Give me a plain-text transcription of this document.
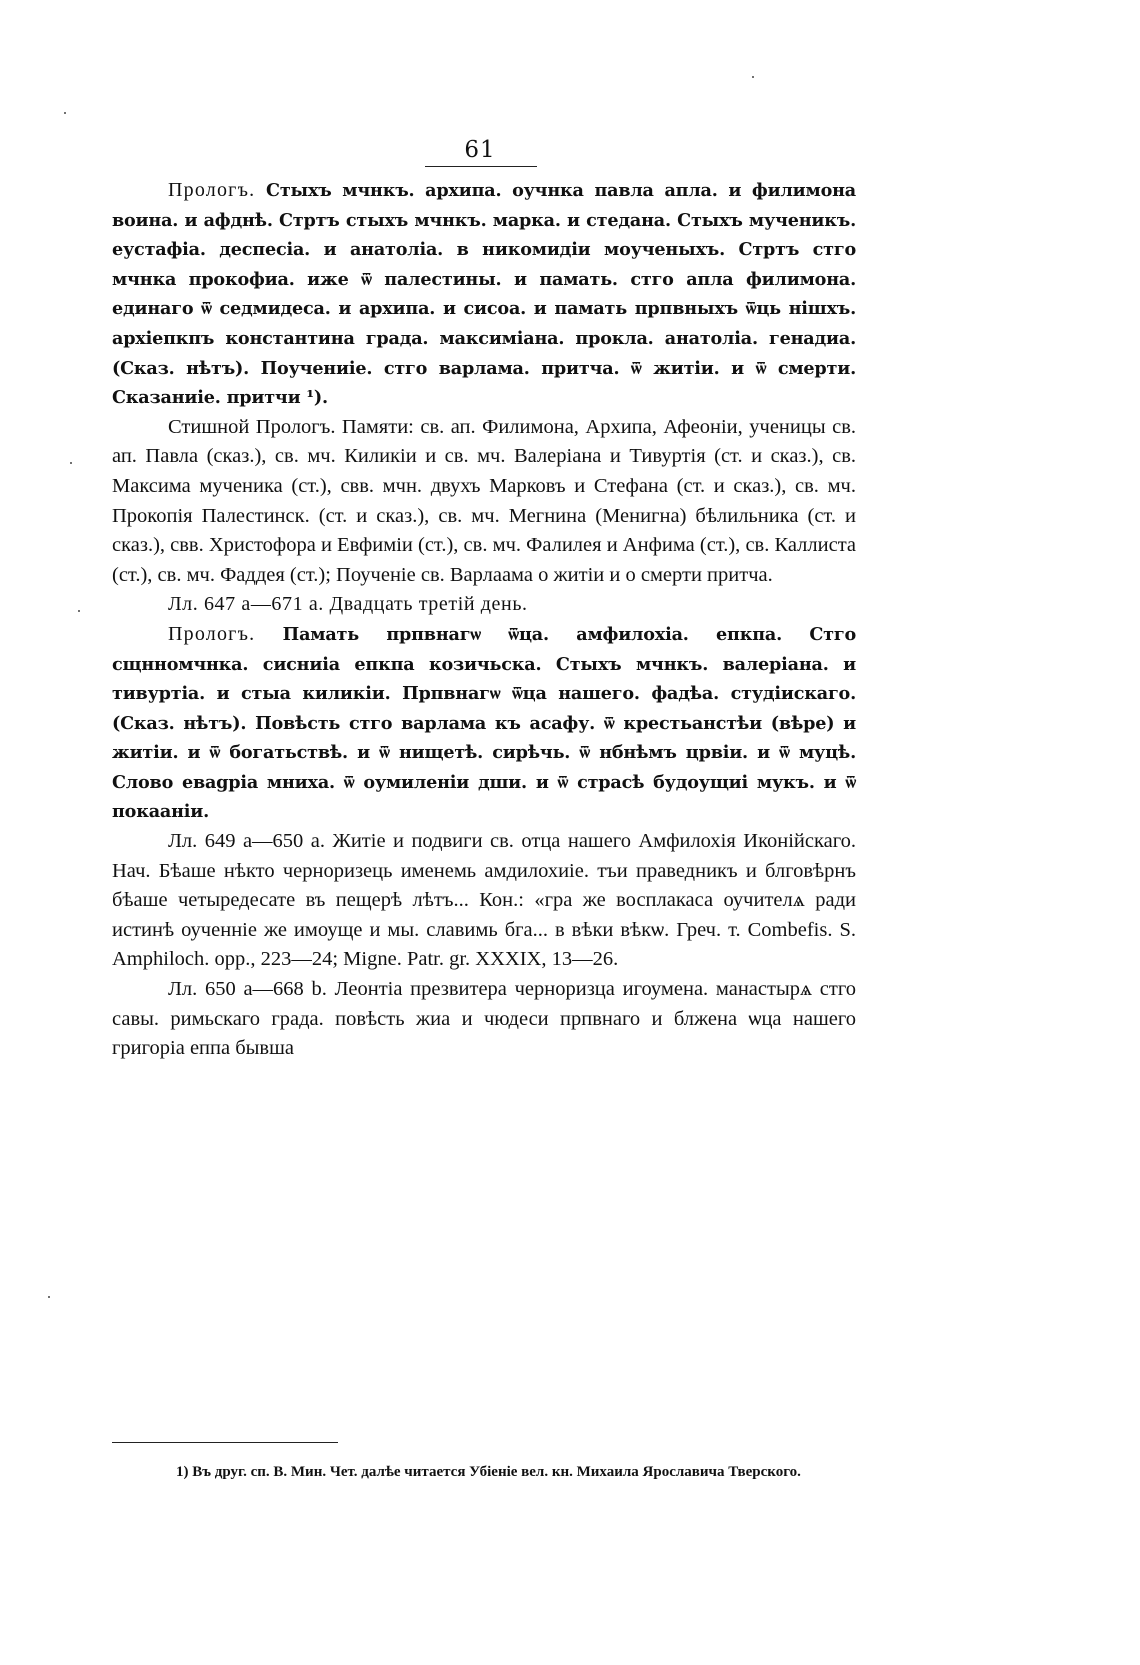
61

Прологъ. Стыхъ мчнкъ. архипа. оучнка павла апла. и филимона воина. и афднѣ. Стртъ стыхъ мчнкъ. марка. и стедана. Стыхъ мученикъ. еустафіа. деспесіа. и анатоліа. в никомидіи моученыхъ. Стртъ стго мчнка прокофиа. иже ѿ палестины. и памать. стго апла филимона. единаго ѿ седмидеса. и архипа. и сисоа. и памать прпвныхъ ѿць нішхъ. архіепкпъ константина града. максиміана. прокла. анатоліа. генадиа. (Сказ. нѣтъ). Поучениіе. стго варлама. притча. ѿ житіи. и ѿ смерти. Сказаниіе. притчи ¹).

Стишной Прологъ. Памяти: св. ап. Филимона, Архипа, Афеоніи, ученицы св. ап. Павла (сказ.), св. мч. Киликіи и св. мч. Валеріана и Тивуртія (ст. и сказ.), св. Максима мученика (ст.), свв. мчн. двухъ Марковъ и Стефана (ст. и сказ.), св. мч. Прокопія Палестинск. (ст. и сказ.), св. мч. Мегнина (Менигна) бѣлильника (ст. и сказ.), свв. Христофора и Евфиміи (ст.), св. мч. Фалилея и Анфима (ст.), св. Каллиста (ст.), св. мч. Фаддея (ст.); Поученіе св. Варлаама о житіи и о смерти притча.

Лл. 647 а—671 а. Двадцать третій день.

Прологъ. Памать прпвнагѡ ѿца. амфилохіа. епкпа. Стго сщнномчнка. сисниіа епкпа козичьска. Стыхъ мчнкъ. валеріана. и тивуртіа. и стыа киликіи. Прпвнагѡ ѿца нашего. фадѣа. студіискаго. (Сказ. нѣтъ). Повѣсть стго варлама къ асафу. ѿ крестьанстѣи (вѣре) и житіи. и ѿ богатьствѣ. и ѿ нищетѣ. сирѣчь. ѿ нбнѣмъ црвіи. и ѿ муцѣ. Слово еваgріа мниха. ѿ оумиленіи дши. и ѿ страсѣ будоущиі мукъ. и ѿ покааніи.

Лл. 649 а—650 а. Житіе и подвиги св. отца нашего Амфилохія Иконійскаго. Нач. Бѣаше нѣкто черноризець именемь амдилохиіе. тъи праведникъ и блговѣрнъ бѣаше четыредесате въ пещерѣ лѣтъ... Кон.: «гра же восплакаса оучителѧ ради истинѣ оученніе же имоуще и мы. славимь бга... в вѣки вѣкѡ. Греч. т. Combefis. S. Amphiloch. opp., 223—24; Migne. Patr. gr. XXXIX, 13—26.

Лл. 650 а—668 b. Леонтіа презвитера черноризца игоумена. манастырѧ стго савы. римьскаго града. повѣсть жиа и чюдеси прпвнаго и блжена ѡца нашего григоріа еппа бывша

1) Въ друг. сп. В. Мин. Чет. далѣе читается Убіеніе вел. кн. Михаила Ярославича Тверского.
